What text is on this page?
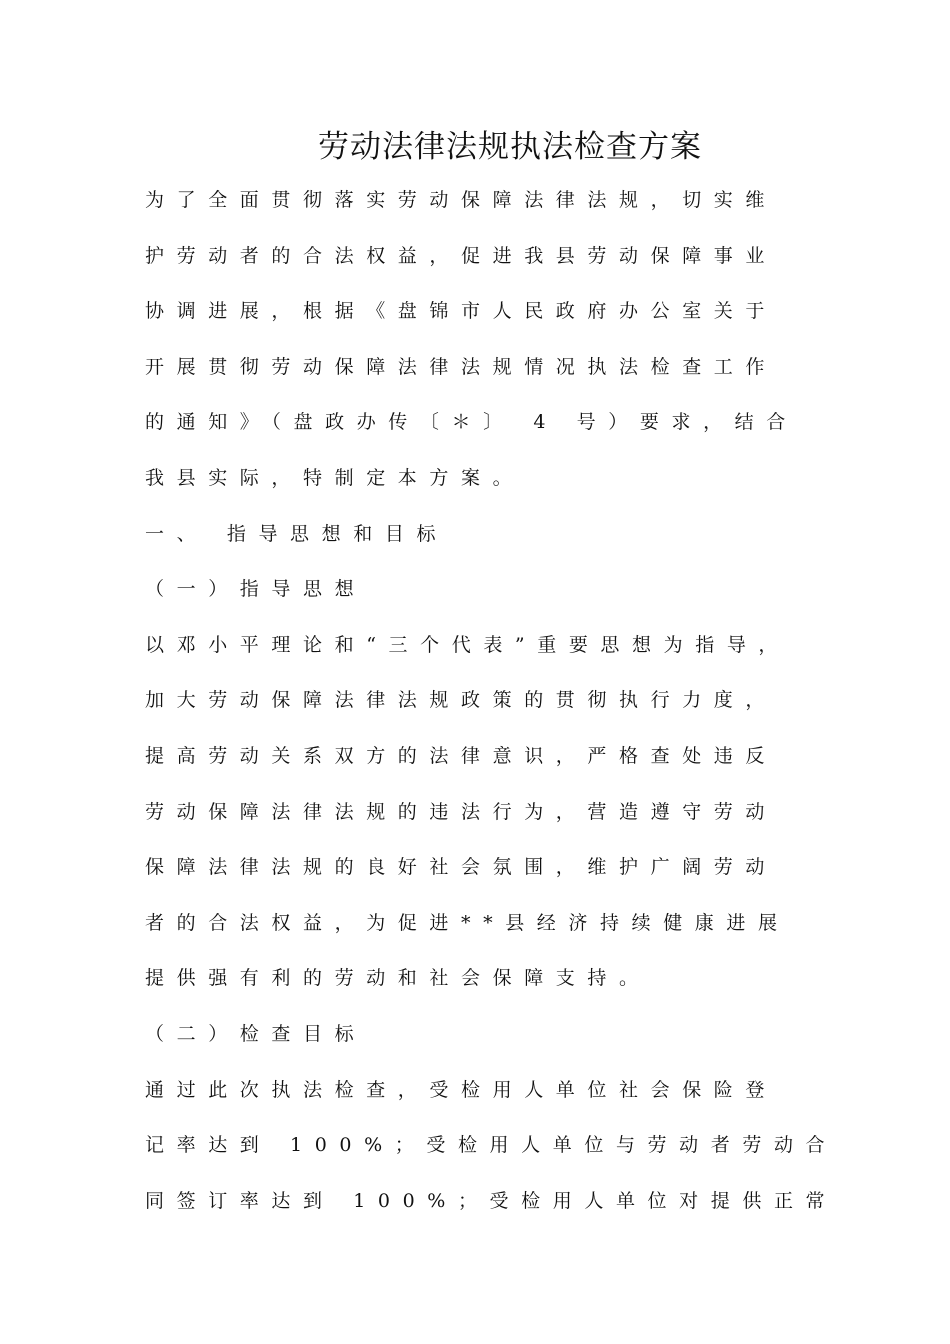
劳动法律法规执法检查方案
为了全面贯彻落实劳动保障法律法规，切实维
护劳动者的合法权益，促进我县劳动保障事业
协调进展，根据《盘锦市人民政府办公室关于
开展贯彻劳动保障法律法规情况执法检查工作
的通知》（盘政办传〔＊〕 4 号）要求，结合
我县实际，特制定本方案。
一、 指导思想和目标
（一）指导思想
以邓小平理论和“三个代表”重要思想为指导，
加大劳动保障法律法规政策的贯彻执行力度，
提高劳动关系双方的法律意识，严格查处违反
劳动保障法律法规的违法行为，营造遵守劳动
保障法律法规的良好社会氛围，维护广阔劳动
者的合法权益，为促进**县经济持续健康进展
提供强有利的劳动和社会保障支持。
（二）检查目标
通过此次执法检查，受检用人单位社会保险登
记率达到 100%；受检用人单位与劳动者劳动合
同签订率达到 100%；受检用人单位对提供正常
